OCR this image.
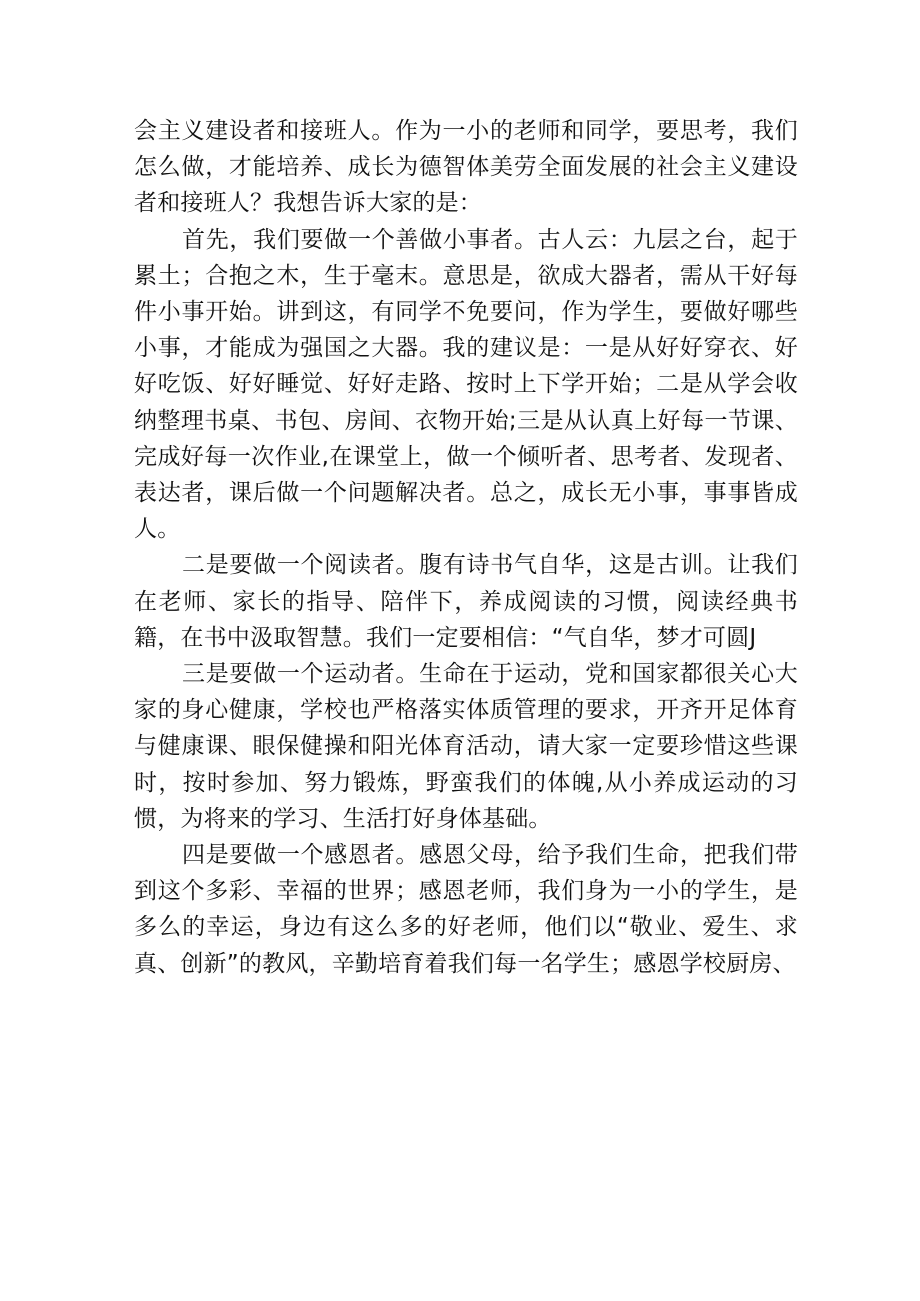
会主义建设者和接班人。作为一小的老师和同学，要思考，我们怎么做，才能培养、成长为德智体美劳全面发展的社会主义建设者和接班人？我想告诉大家的是：

首先，我们要做一个善做小事者。古人云：九层之台，起于累土；合抱之木，生于毫末。意思是，欲成大器者，需从干好每件小事开始。讲到这，有同学不免要问，作为学生，要做好哪些小事，才能成为强国之大器。我的建议是：一是从好好穿衣、好好吃饭、好好睡觉、好好走路、按时上下学开始；二是从学会收纳整理书桌、书包、房间、衣物开始;三是从认真上好每一节课、完成好每一次作业,在课堂上，做一个倾听者、思考者、发现者、表达者，课后做一个问题解决者。总之，成长无小事，事事皆成人。

二是要做一个阅读者。腹有诗书气自华，这是古训。让我们在老师、家长的指导、陪伴下，养成阅读的习惯，阅读经典书籍，在书中汲取智慧。我们一定要相信：“气自华，梦才可圆J

三是要做一个运动者。生命在于运动，党和国家都很关心大家的身心健康，学校也严格落实体质管理的要求，开齐开足体育与健康课、眼保健操和阳光体育活动，请大家一定要珍惜这些课时，按时参加、努力锻炼，野蛮我们的体魄,从小养成运动的习惯，为将来的学习、生活打好身体基础。

四是要做一个感恩者。感恩父母，给予我们生命，把我们带到这个多彩、幸福的世界；感恩老师，我们身为一小的学生，是多么的幸运，身边有这么多的好老师，他们以“敬业、爱生、求真、创新”的教风，辛勤培育着我们每一名学生；感恩学校厨房、
